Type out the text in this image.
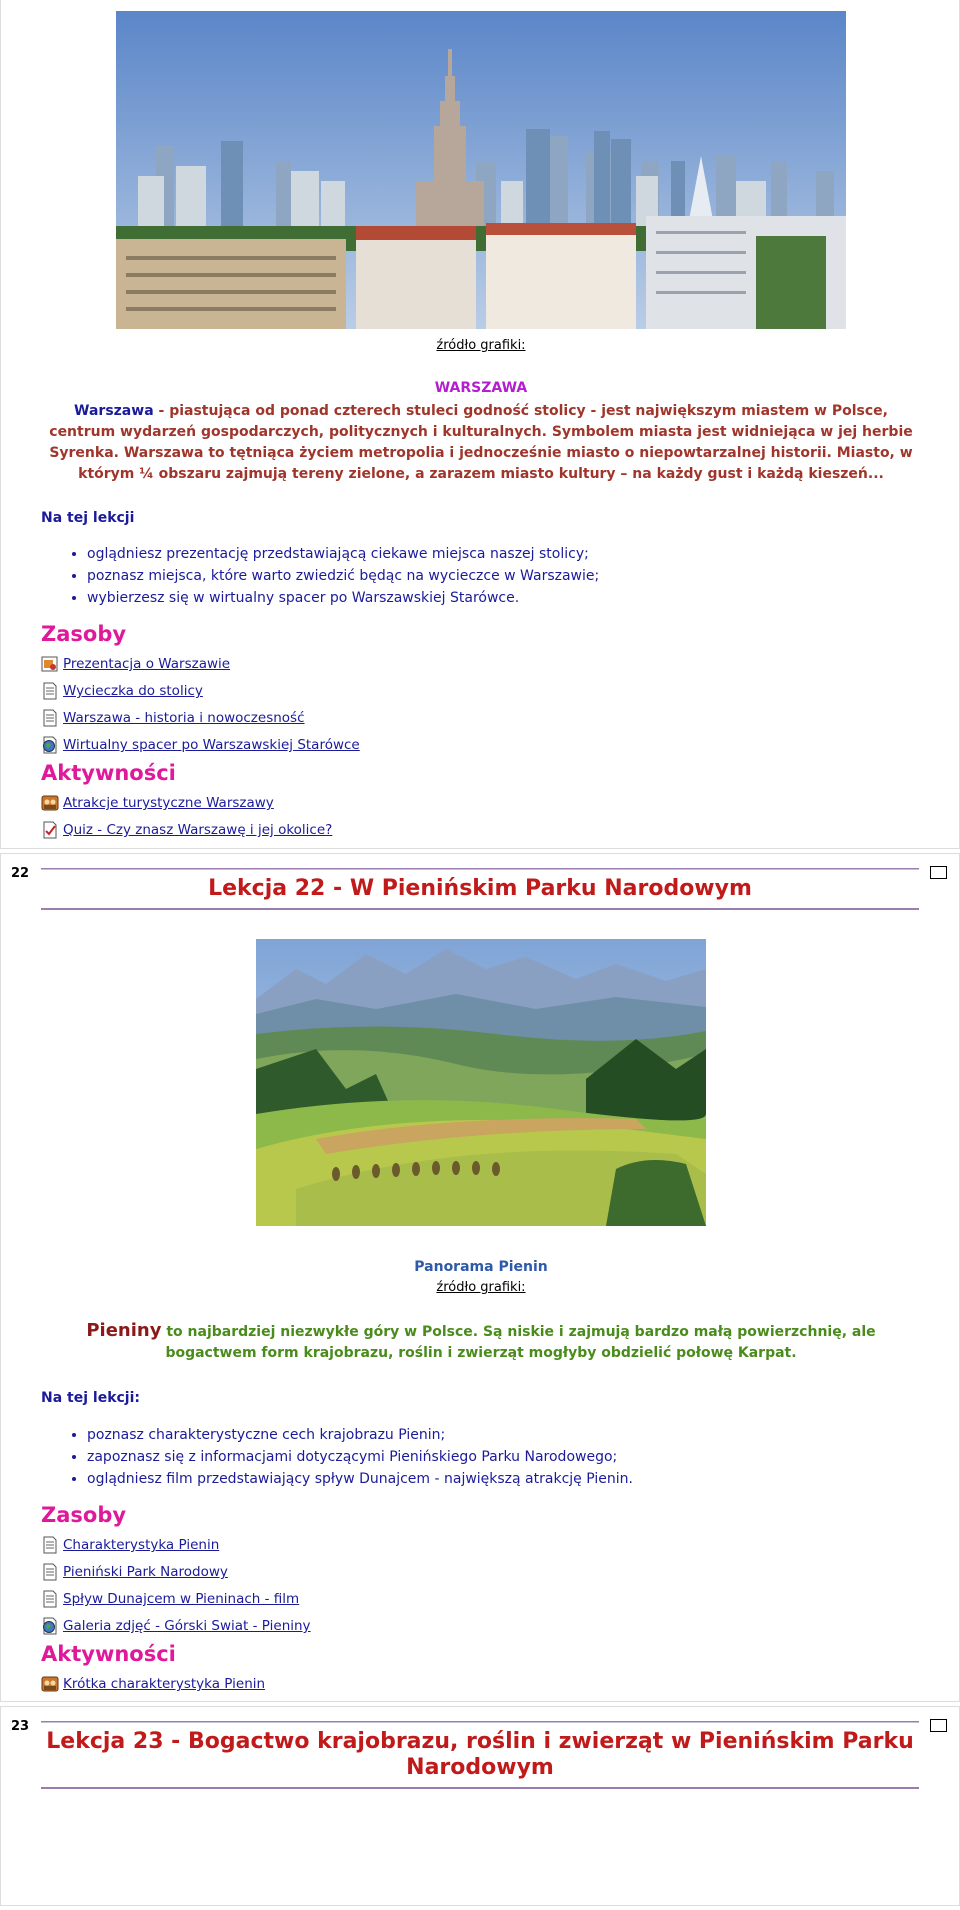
źródło grafiki:
WARSZAWA
Warszawa - piastująca od ponad czterech stuleci godność stolicy - jest największym miastem w Polsce, centrum wydarzeń gospodarczych, politycznych i kulturalnych. Symbolem miasta jest widniejąca w jej herbie Syrenka. Warszawa to tętniąca życiem metropolia i jednocześnie miasto o niepowtarzalnej historii. Miasto, w którym ¼ obszaru zajmują tereny zielone, a zarazem miasto kultury – na każdy gust i każdą kieszeń...
Na tej lekcji
• oglądniesz prezentację przedstawiającą ciekawe miejsca naszej stolicy;
• poznasz miejsca, które warto zwiedzić będąc na wycieczce w Warszawie;
• wybierzesz się w wirtualny spacer po Warszawskiej Starówce.
Zasoby
Prezentacja o Warszawie
Wycieczka do stolicy
Warszawa - historia i nowoczesność
Wirtualny spacer po Warszawskiej Starówce
Aktywności
Atrakcje turystyczne Warszawy
Quiz - Czy znasz Warszawę i jej okolice?
22
Lekcja 22 - W Pienińskim Parku Narodowym
Panorama Pienin
źródło grafiki:
Pieniny to najbardziej niezwykłe góry w Polsce. Są niskie i zajmują bardzo małą powierzchnię, ale bogactwem form krajobrazu, roślin i zwierząt mogłyby obdzielić połowę Karpat.
Na tej lekcji:
• poznasz charakterystyczne cech krajobrazu Pienin;
• zapoznasz się z informacjami dotyczącymi Pienińskiego Parku Narodowego;
• oglądniesz film przedstawiający spływ Dunajcem - największą atrakcję Pienin.
Zasoby
Charakterystyka Pienin
Pieniński Park Narodowy
Spływ Dunajcem w Pieninach - film
Galeria zdjęć - Górski Swiat - Pieniny
Aktywności
Krótka charakterystyka Pienin
23
Lekcja 23 - Bogactwo krajobrazu, roślin i zwierząt w Pienińskim Parku Narodowym
